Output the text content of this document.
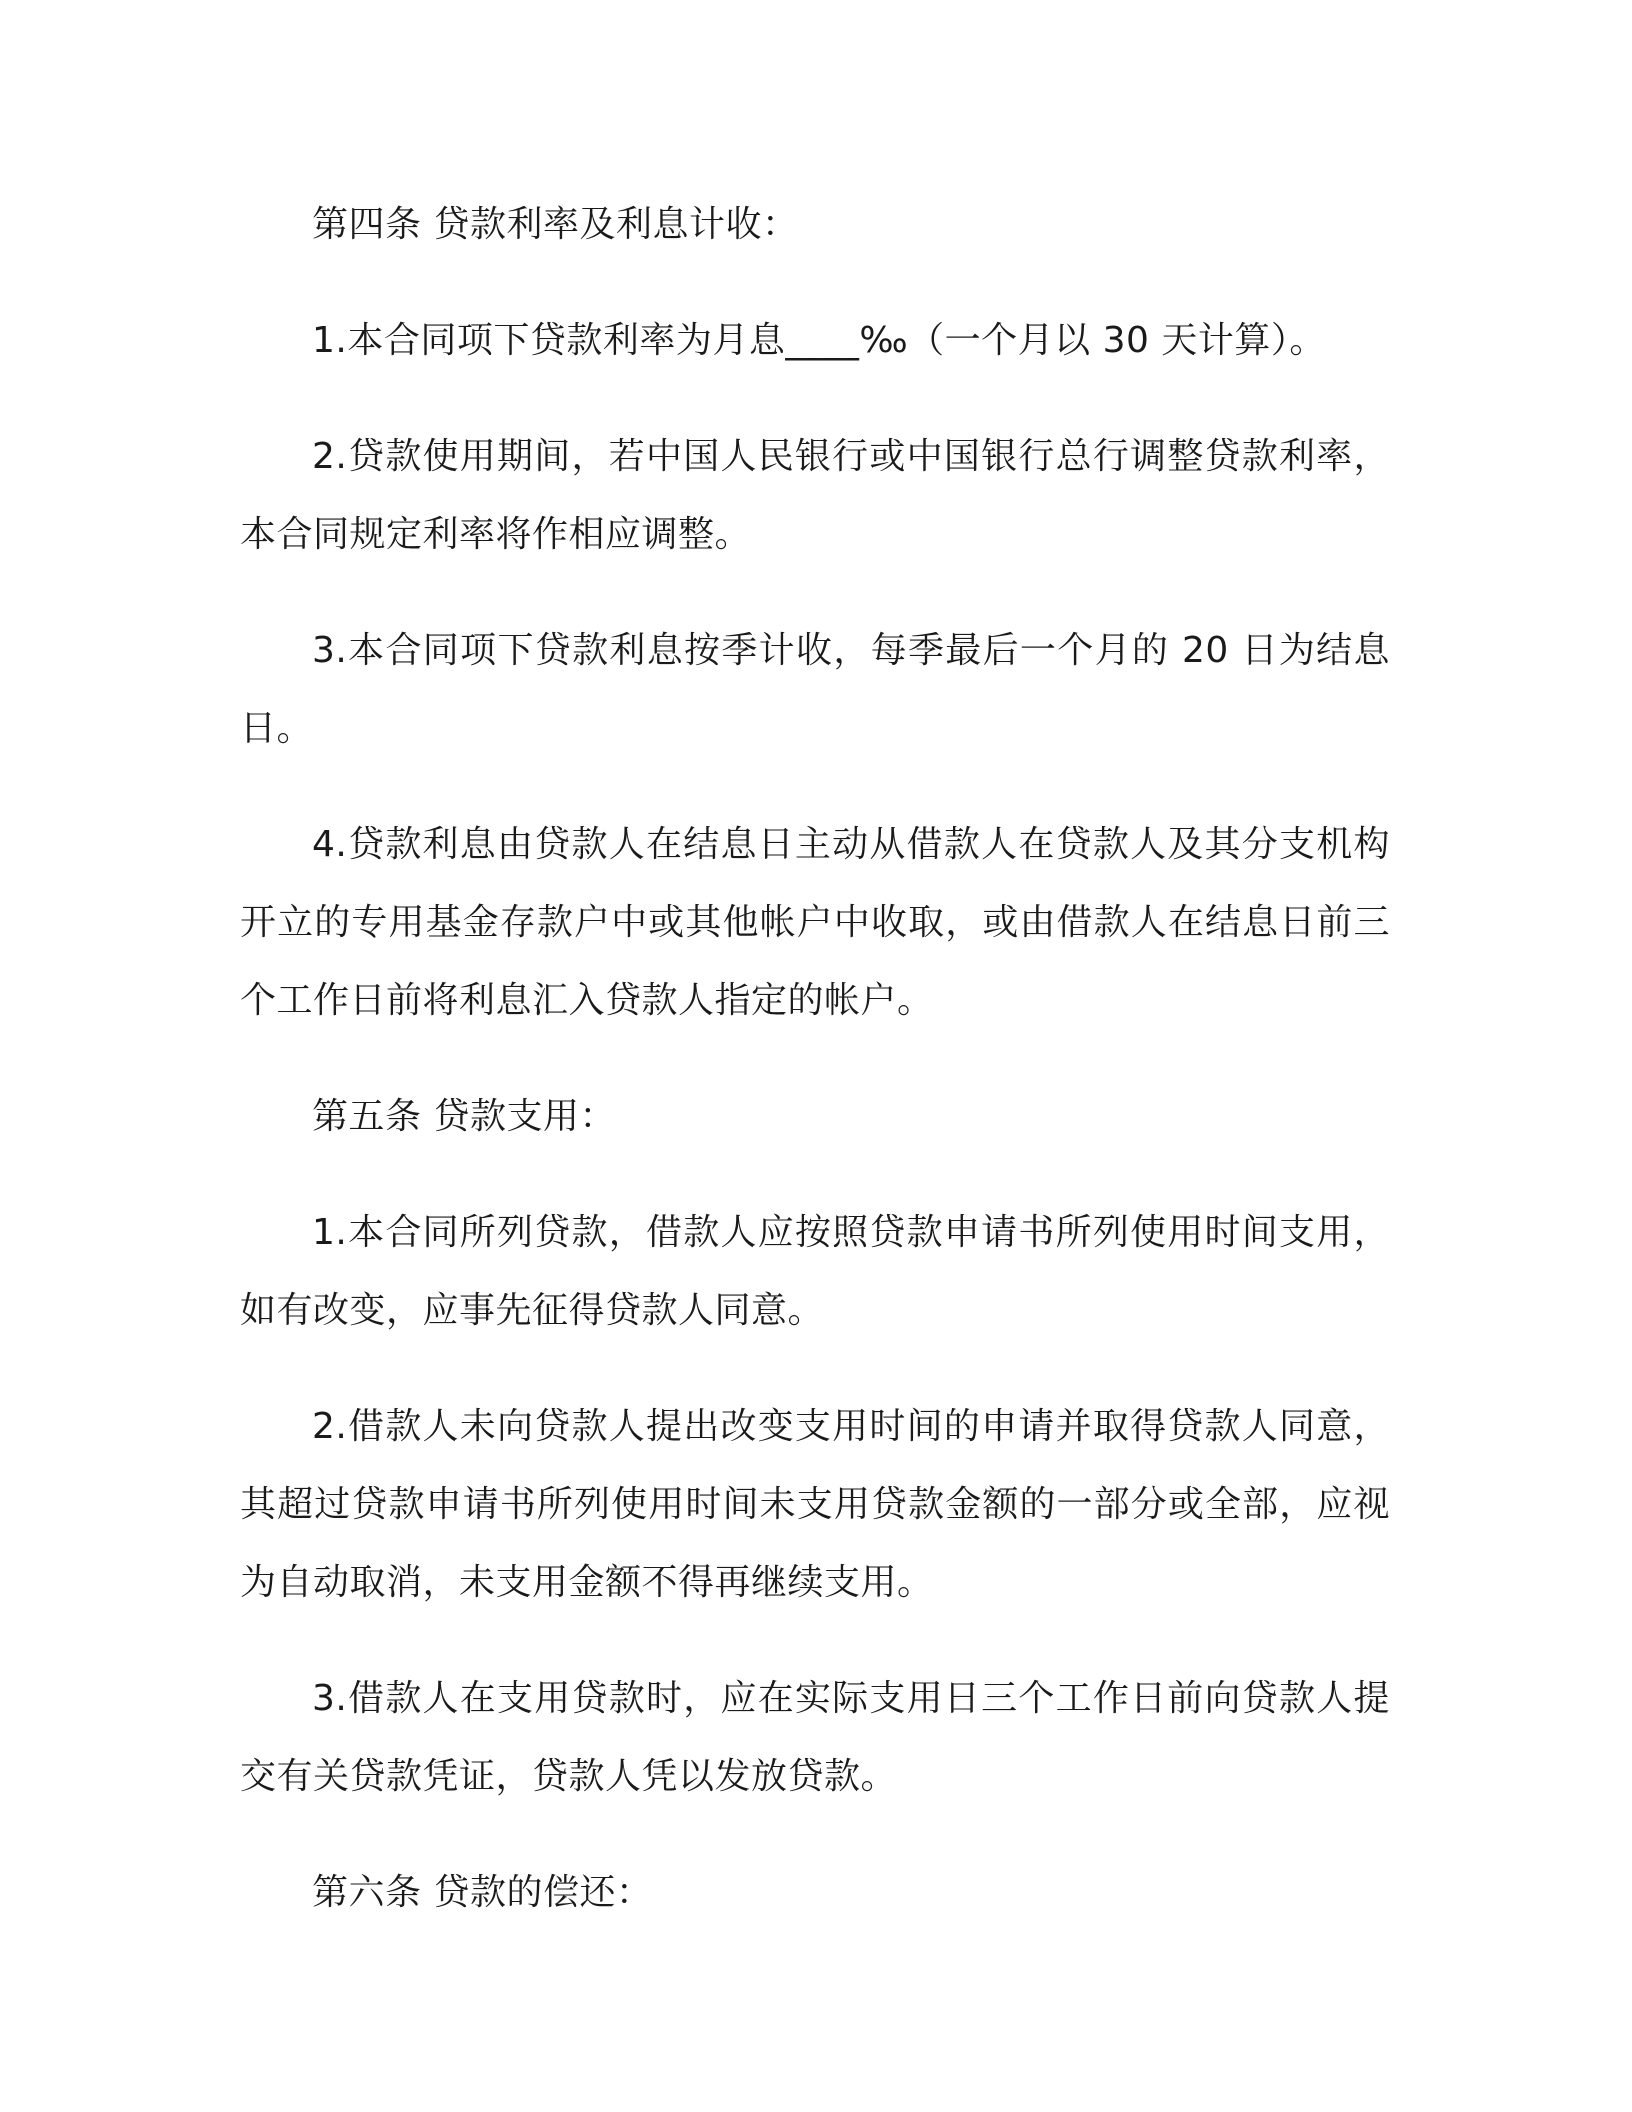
第四条 贷款利率及利息计收：

1.本合同项下贷款利率为月息____‰（一个月以 30 天计算）。

2.贷款使用期间，若中国人民银行或中国银行总行调整贷款利率，本合同规定利率将作相应调整。

3.本合同项下贷款利息按季计收，每季最后一个月的 20 日为结息日。

4.贷款利息由贷款人在结息日主动从借款人在贷款人及其分支机构开立的专用基金存款户中或其他帐户中收取，或由借款人在结息日前三个工作日前将利息汇入贷款人指定的帐户。

第五条 贷款支用：

1.本合同所列贷款，借款人应按照贷款申请书所列使用时间支用，如有改变，应事先征得贷款人同意。

2.借款人未向贷款人提出改变支用时间的申请并取得贷款人同意，其超过贷款申请书所列使用时间未支用贷款金额的一部分或全部，应视为自动取消，未支用金额不得再继续支用。

3.借款人在支用贷款时，应在实际支用日三个工作日前向贷款人提交有关贷款凭证，贷款人凭以发放贷款。

第六条 贷款的偿还：
